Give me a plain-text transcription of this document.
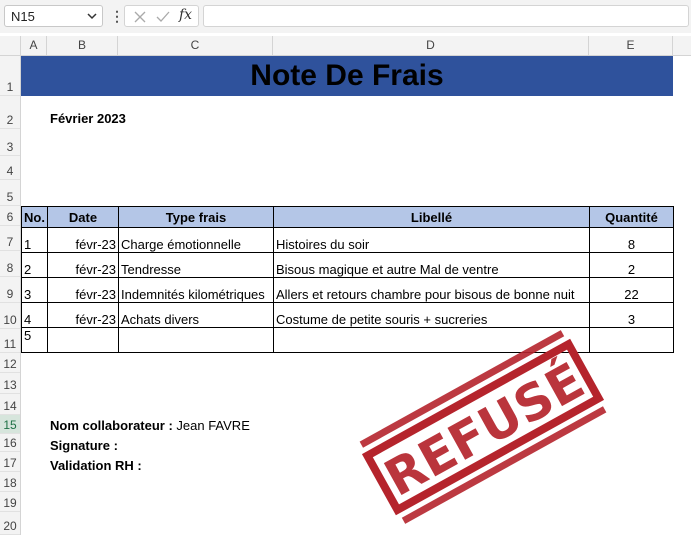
N15	⋮	fx
A	B	C	D	E
1
2
3
4
5
6
7
8
9
10
11
12
13
14
15
16
17
18
19
20
Note De Frais
Février 2023
No.	Date	Type frais	Libellé	Quantité
1	févr-23	Charge émotionnelle	Histoires du soir	8
2	févr-23	Tendresse	Bisous magique et autre Mal de ventre	2
3	févr-23	Indemnités kilométriques	Allers et retours chambre pour bisous de bonne nuit	22
4	févr-23	Achats divers	Costume de petite souris + sucreries	3
5				
Nom collaborateur : Jean FAVRE
Signature :
Validation RH :	REFUSÉ
